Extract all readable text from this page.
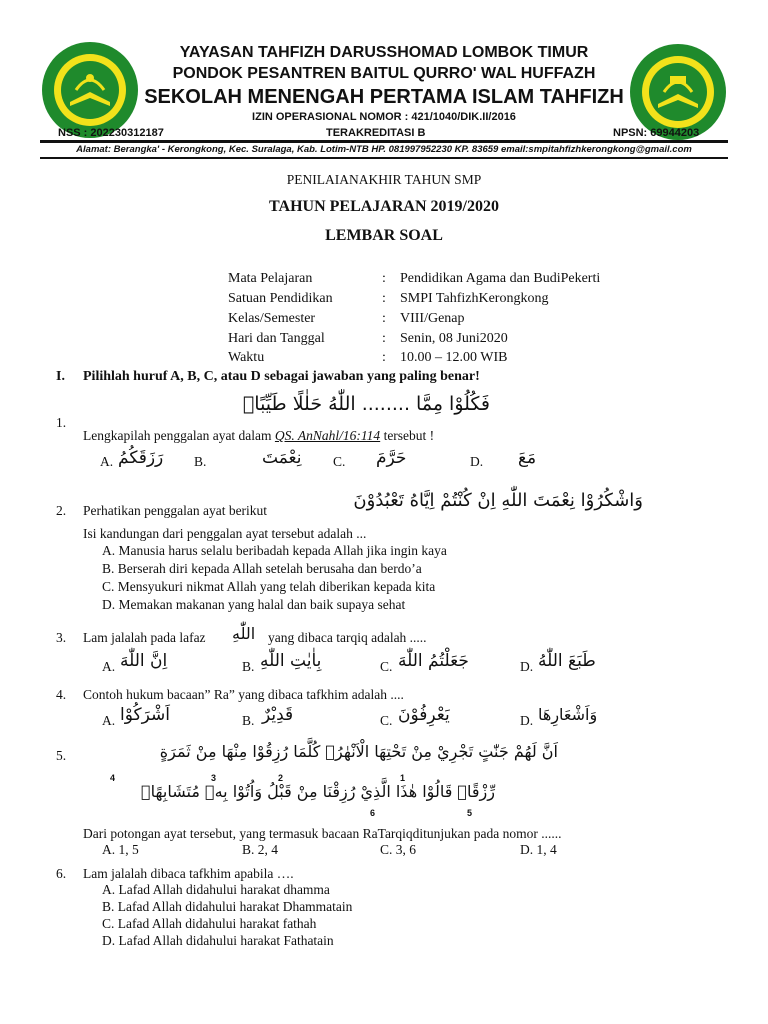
YAYASAN TAHFIZH DARUSSHOMAD LOMBOK TIMUR
PONDOK PESANTREN BAITUL QURRO' WAL HUFFAZH
SEKOLAH MENENGAH PERTAMA ISLAM TAHFIZH
IZIN OPERASIONAL NOMOR : 421/1040/DIK.II/2016
NSS : 202230312187	TERAKREDITASI B	NPSN: 69944203
Alamat: Berangka' - Kerongkong, Kec. Suralaga, Kab. Lotim-NTB HP. 081997952230 KP. 83659 email:smpitahfizhkerongkong@gmail.com
PENILAIANAKHIR TAHUN SMP
TAHUN PELAJARAN 2019/2020
LEMBAR SOAL
Mata Pelajaran	: Pendidikan Agama dan BudiPekerti
Satuan Pendidikan	: SMPI TahfizhKerongkong
Kelas/Semester	: VIII/Genap
Hari dan Tanggal	: Senin, 08 Juni2020
Waktu	: 10.00 – 12.00 WIB
I. Pilihlah huruf A, B, C, atau D sebagai jawaban yang paling benar!
1.
فَكُلُوْا مِمَّا ........ اللّٰهُ حَلٰلًا طَيِّبًاۖ
Lengkapilah penggalan ayat dalam QS. AnNahl/16:114 tersebut !
A. رَزَقَكُمُ B.	نِعْمَتَ C. حَرَّمَ	D. مَعَ
2. Perhatikan penggalan ayat berikut	وَاشْكُرُوْا نِعْمَتَ اللّٰهِ اِنْ كُنْتُمْ اِيَّاهُ تَعْبُدُوْنَ
Isi kandungan dari penggalan ayat tersebut adalah ...
A. Manusia harus selalu beribadah kepada Allah jika ingin kaya
B. Berserah diri kepada Allah setelah berusaha dan berdo’a
C. Mensyukuri nikmat Allah yang telah diberikan kepada kita
D. Memakan makanan yang halal dan baik supaya sehat
3. Lam jalalah pada lafaz اللّٰهِ yang dibaca tarqiq adalah .....
A. اِنَّ اللّٰهَ	B. بِاٰيٰتِ اللّٰهِ	C. جَعَلْتُمُ اللّٰهَ	D. طَبَعَ اللّٰهُ
4. Contoh hukum bacaan” Ra” yang dibaca tafkhim adalah ....
A. اَشْرَكُوْا	B. قَدِيْرٌ	C. يَعْرِفُوْنَ	D. وَاَشْعَارِهَا
5.	اَنَّ لَهُمْ جَنّٰتٍ تَجْرِيْ مِنْ تَحْتِهَا الْاَنْهٰرُۗ كُلَّمَا رُزِقُوْا مِنْهَا مِنْ ثَمَرَةٍ
رِّزْقًاۙ قَالُوْا هٰذَا الَّذِيْ رُزِقْنَا مِنْ قَبْلُ وَاُتُوْا بِهٖ مُتَشَابِهًاۗ
1
2
3
4
5
6
Dari potongan ayat tersebut, yang termasuk bacaan RaTarqiqditunjukan pada nomor ......
A. 1, 5	B. 2, 4	C. 3, 6	D. 1, 4
6. Lam jalalah dibaca tafkhim apabila ….
A. Lafad Allah didahului harakat dhamma
B. Lafad Allah didahului harakat Dhammatain
C. Lafad Allah didahului harakat fathah
D. Lafad Allah didahului harakat Fathatain
